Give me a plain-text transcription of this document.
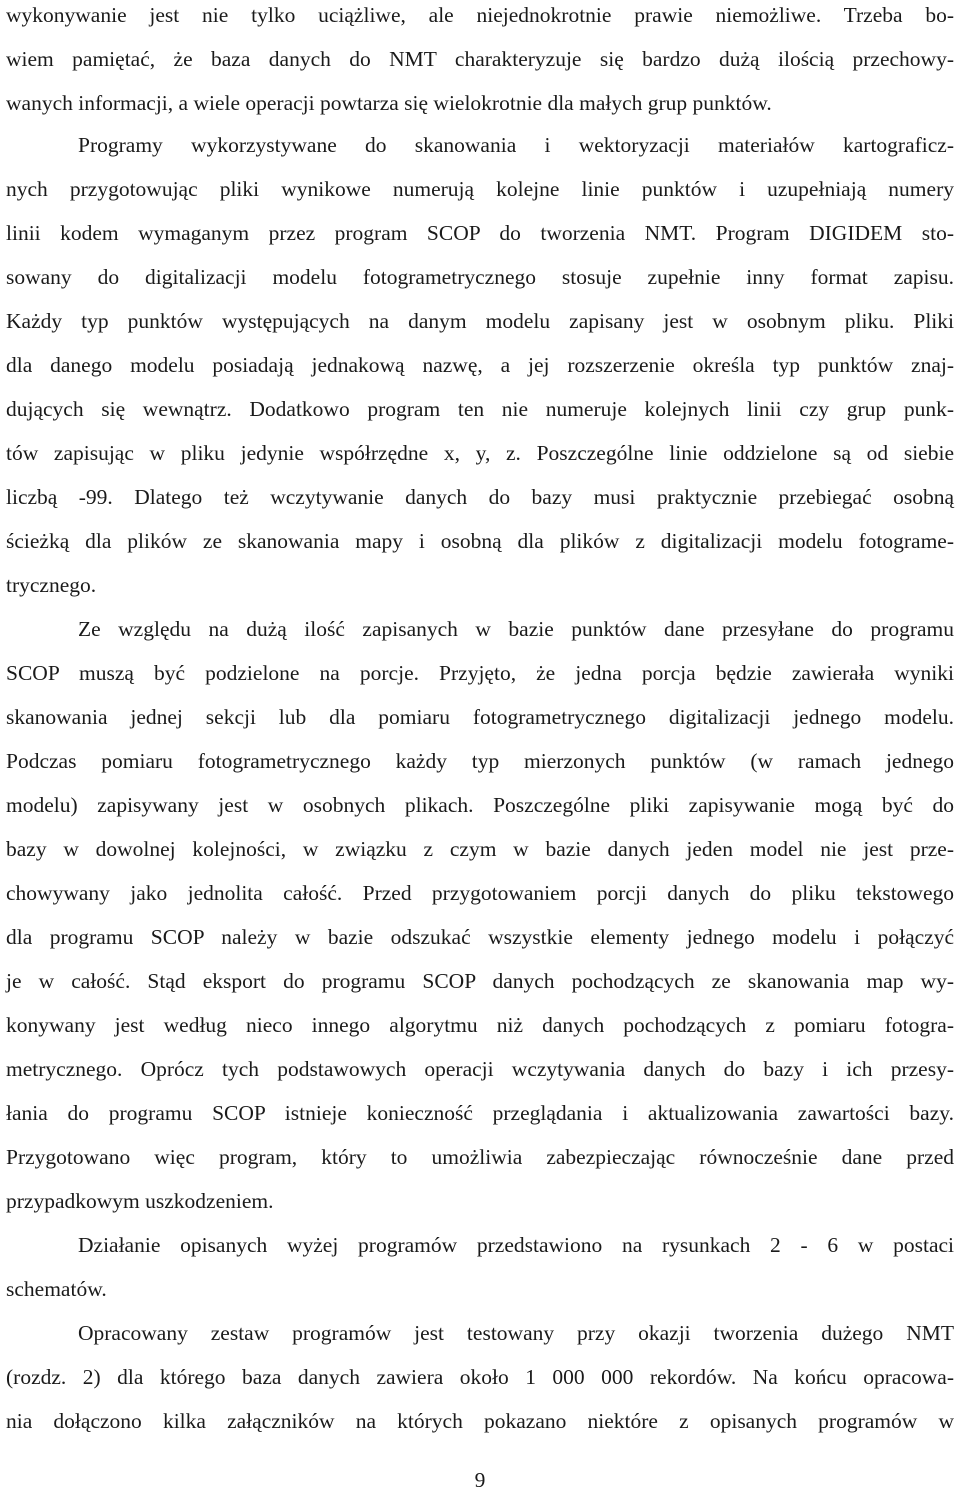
wykonywanie jest nie tylko uciążliwe, ale niejednokrotnie prawie niemożliwe. Trzeba bo-
wiem pamiętać, że baza danych do NMT charakteryzuje się bardzo dużą ilością przechowy-
wanych informacji, a wiele operacji powtarza się wielokrotnie dla małych grup punktów.
Programy wykorzystywane do skanowania i wektoryzacji materiałów kartograficz-
nych przygotowując pliki wynikowe numerują kolejne linie punktów i uzupełniają numery
linii kodem wymaganym przez program SCOP do tworzenia NMT. Program DIGIDEM sto-
sowany do digitalizacji modelu fotogrametrycznego stosuje zupełnie inny format zapisu.
Każdy typ punktów występujących na danym modelu zapisany jest w osobnym pliku. Pliki
dla danego modelu posiadają jednakową nazwę, a jej rozszerzenie określa typ punktów znaj-
dujących się wewnątrz. Dodatkowo program ten nie numeruje kolejnych linii czy grup punk-
tów zapisując w pliku jedynie współrzędne x, y, z. Poszczególne linie oddzielone są od siebie
liczbą -99. Dlatego też wczytywanie danych do bazy musi praktycznie przebiegać osobną
ścieżką dla plików ze skanowania mapy i osobną dla plików z digitalizacji modelu fotograme-
trycznego.
Ze względu na dużą ilość zapisanych w bazie punktów dane przesyłane do programu
SCOP muszą być podzielone na porcje. Przyjęto, że jedna porcja będzie zawierała wyniki
skanowania jednej sekcji lub dla pomiaru fotogrametrycznego digitalizacji jednego modelu.
Podczas pomiaru fotogrametrycznego każdy typ mierzonych punktów (w ramach jednego
modelu) zapisywany jest w osobnych plikach. Poszczególne pliki zapisywanie mogą być do
bazy w dowolnej kolejności, w związku z czym w bazie danych jeden model nie jest prze-
chowywany jako jednolita całość. Przed przygotowaniem porcji danych do pliku tekstowego
dla programu SCOP należy w bazie odszukać wszystkie elementy jednego modelu i połączyć
je w całość. Stąd eksport do programu SCOP danych pochodzących ze skanowania map wy-
konywany jest według nieco innego algorytmu niż danych pochodzących z pomiaru fotogra-
metrycznego. Oprócz tych podstawowych operacji wczytywania danych do bazy i ich przesy-
łania do programu SCOP istnieje konieczność przeglądania i aktualizowania zawartości bazy.
Przygotowano więc program, który to umożliwia zabezpieczając równocześnie dane przed
przypadkowym uszkodzeniem.
Działanie opisanych wyżej programów przedstawiono na rysunkach 2 - 6 w postaci
schematów.
Opracowany zestaw programów jest testowany przy okazji tworzenia dużego NMT
(rozdz. 2) dla którego baza danych zawiera około 1 000 000 rekordów. Na końcu opracowa-
nia dołączono kilka załączników na których pokazano niektóre z opisanych programów w
9
